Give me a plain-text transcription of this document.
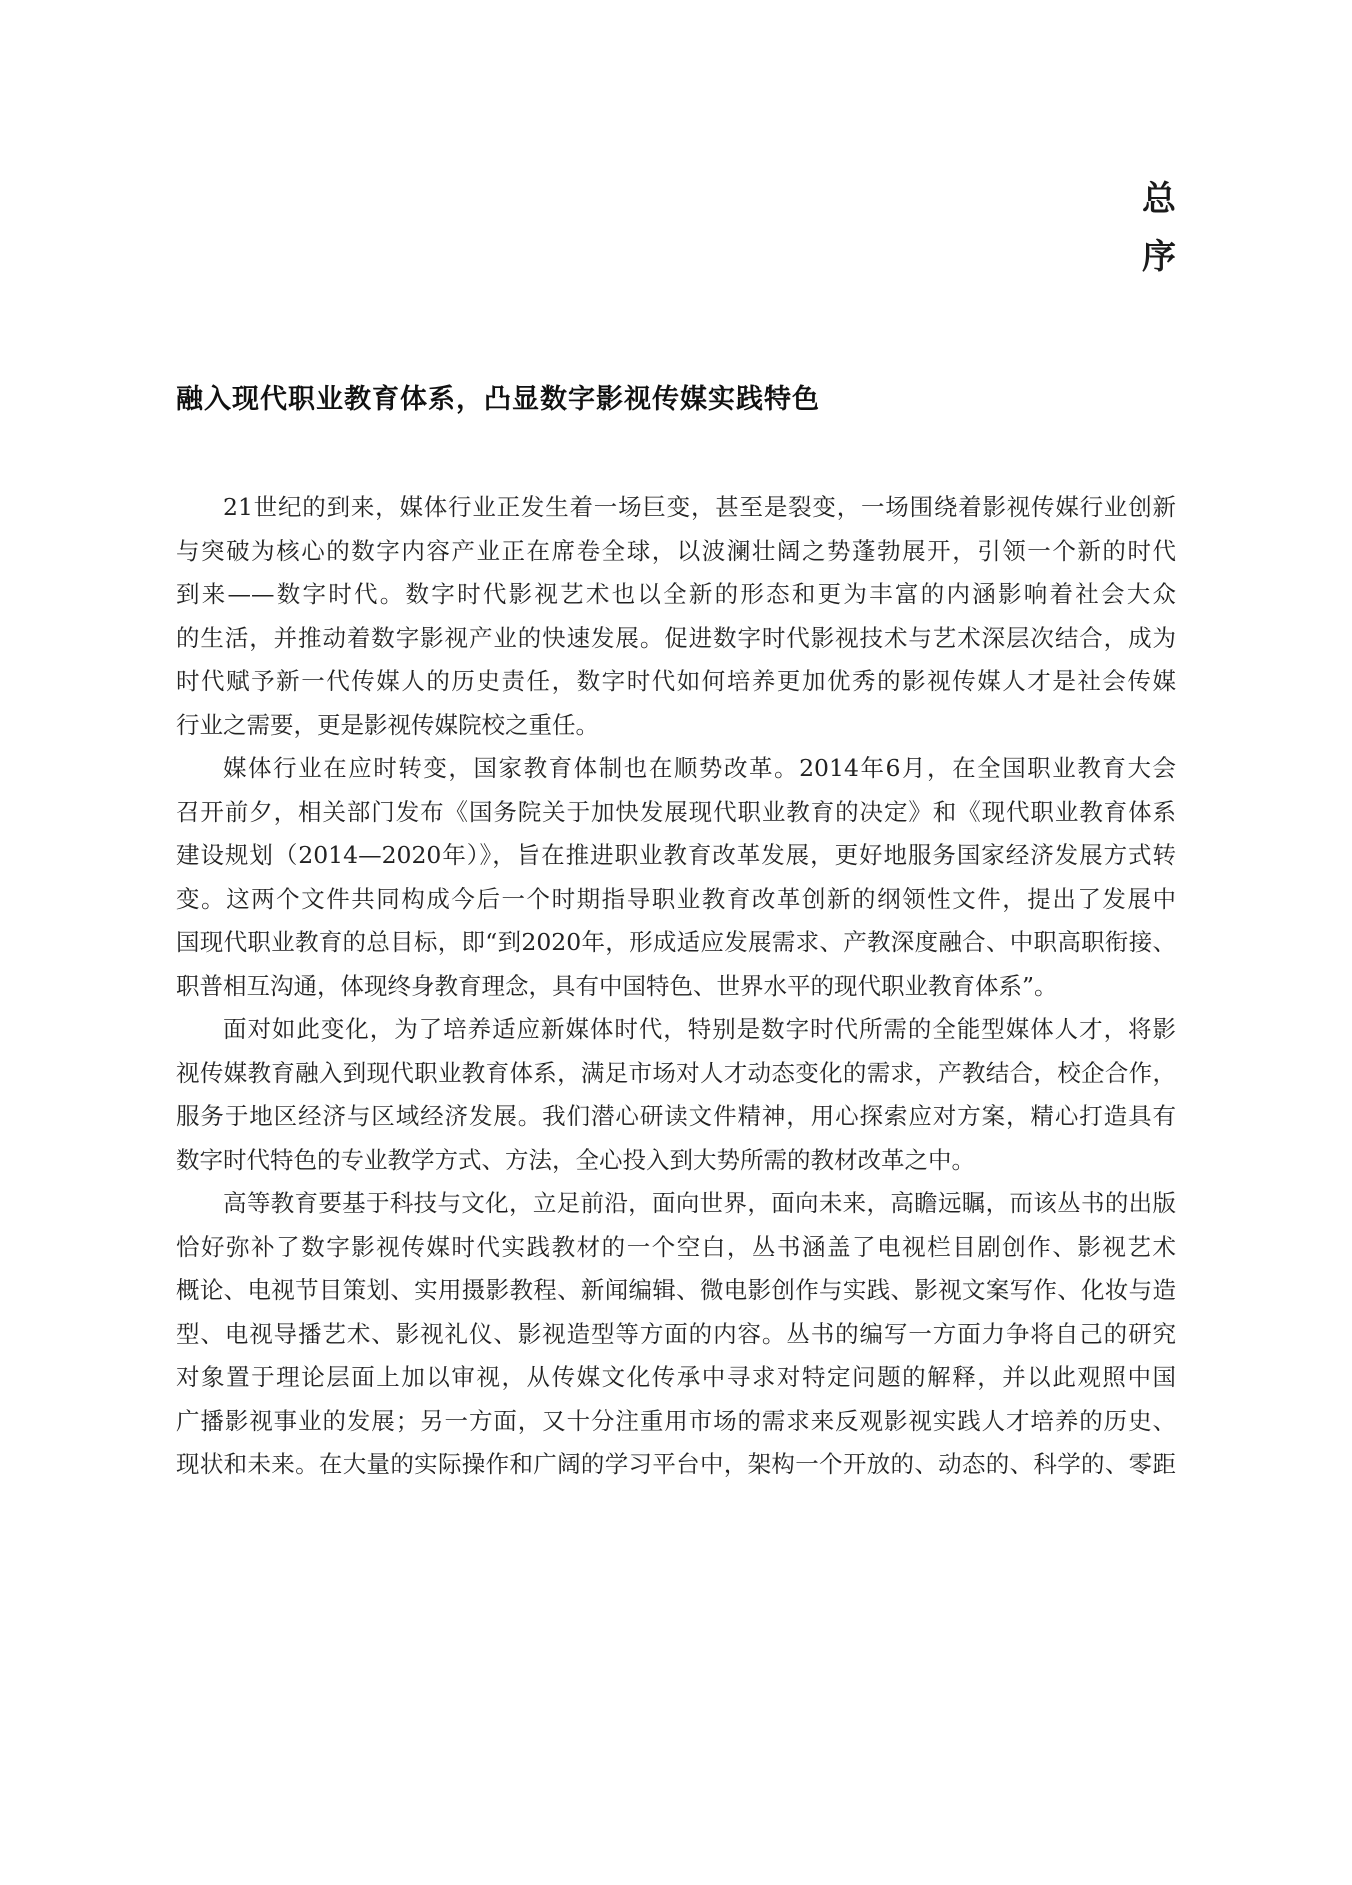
总
序
融入现代职业教育体系，凸显数字影视传媒实践特色
21世纪的到来，媒体行业正发生着一场巨变，甚至是裂变，一场围绕着影视传媒行业创新
与突破为核心的数字内容产业正在席卷全球，以波澜壮阔之势蓬勃展开，引领一个新的时代
到来——数字时代。数字时代影视艺术也以全新的形态和更为丰富的内涵影响着社会大众
的生活，并推动着数字影视产业的快速发展。促进数字时代影视技术与艺术深层次结合，成为
时代赋予新一代传媒人的历史责任，数字时代如何培养更加优秀的影视传媒人才是社会传媒
行业之需要，更是影视传媒院校之重任。
媒体行业在应时转变，国家教育体制也在顺势改革。2014年6月，在全国职业教育大会
召开前夕，相关部门发布《国务院关于加快发展现代职业教育的决定》和《现代职业教育体系
建设规划（2014—2020年）》，旨在推进职业教育改革发展，更好地服务国家经济发展方式转
变。这两个文件共同构成今后一个时期指导职业教育改革创新的纲领性文件，提出了发展中
国现代职业教育的总目标，即“到2020年，形成适应发展需求、产教深度融合、中职高职衔接、
职普相互沟通，体现终身教育理念，具有中国特色、世界水平的现代职业教育体系”。
面对如此变化，为了培养适应新媒体时代，特别是数字时代所需的全能型媒体人才，将影
视传媒教育融入到现代职业教育体系，满足市场对人才动态变化的需求，产教结合，校企合作，
服务于地区经济与区域经济发展。我们潜心研读文件精神，用心探索应对方案，精心打造具有
数字时代特色的专业教学方式、方法，全心投入到大势所需的教材改革之中。
高等教育要基于科技与文化，立足前沿，面向世界，面向未来，高瞻远瞩，而该丛书的出版
恰好弥补了数字影视传媒时代实践教材的一个空白，丛书涵盖了电视栏目剧创作、影视艺术
概论、电视节目策划、实用摄影教程、新闻编辑、微电影创作与实践、影视文案写作、化妆与造
型、电视导播艺术、影视礼仪、影视造型等方面的内容。丛书的编写一方面力争将自己的研究
对象置于理论层面上加以审视，从传媒文化传承中寻求对特定问题的解释，并以此观照中国
广播影视事业的发展；另一方面，又十分注重用市场的需求来反观影视实践人才培养的历史、
现状和未来。在大量的实际操作和广阔的学习平台中，架构一个开放的、动态的、科学的、零距
